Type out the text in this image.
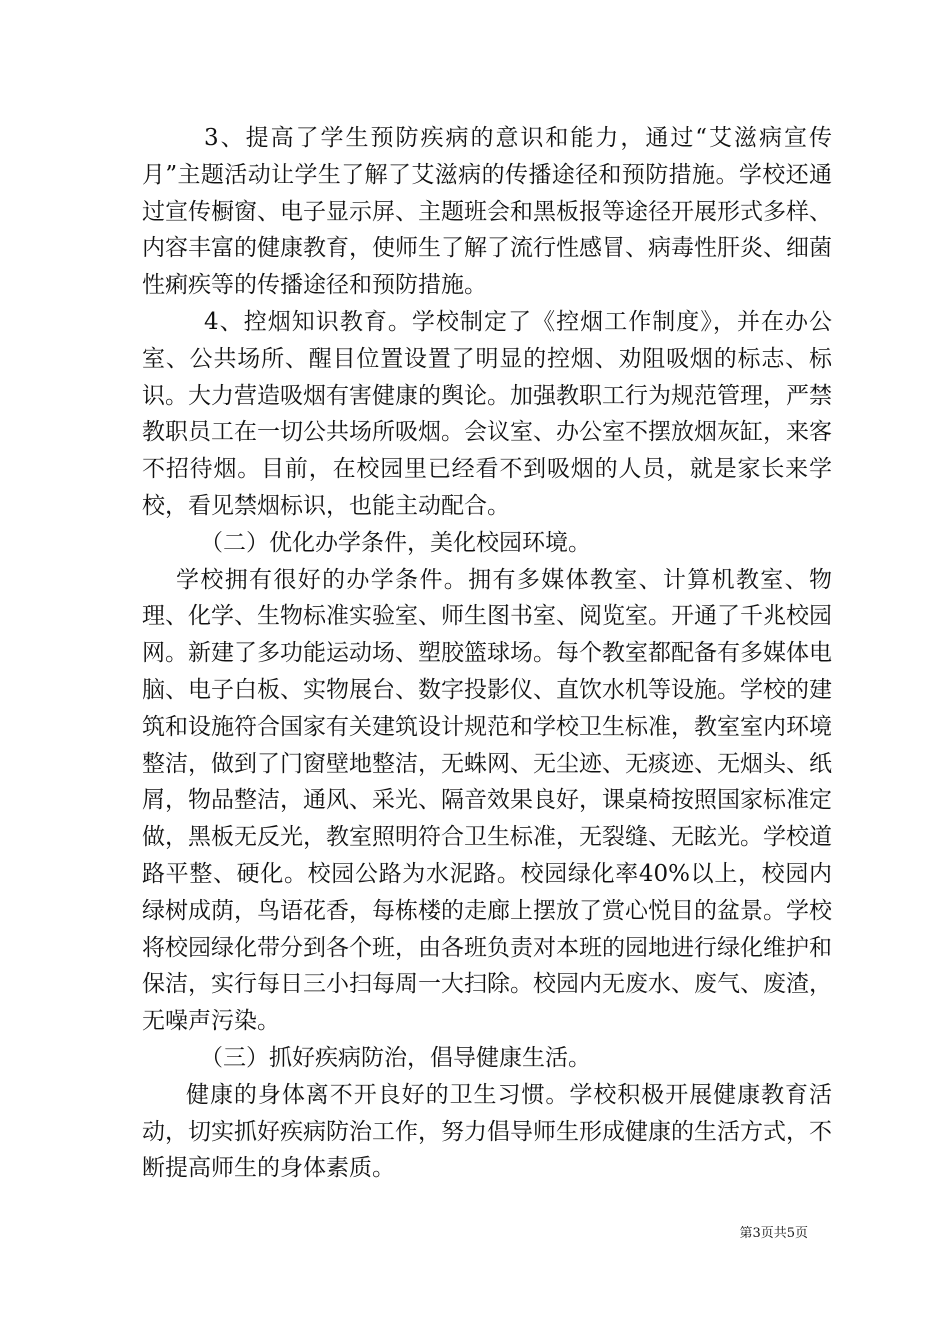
3、提高了学生预防疾病的意识和能力，通过“艾滋病宣传月”主题活动让学生了解了艾滋病的传播途径和预防措施。学校还通过宣传橱窗、电子显示屏、主题班会和黑板报等途径开展形式多样、内容丰富的健康教育，使师生了解了流行性感冒、病毒性肝炎、细菌性痢疾等的传播途径和预防措施。

4、控烟知识教育。学校制定了《控烟工作制度》，并在办公室、公共场所、醒目位置设置了明显的控烟、劝阻吸烟的标志、标识。大力营造吸烟有害健康的舆论。加强教职工行为规范管理，严禁教职员工在一切公共场所吸烟。会议室、办公室不摆放烟灰缸，来客不招待烟。目前，在校园里已经看不到吸烟的人员，就是家长来学校，看见禁烟标识，也能主动配合。

（二）优化办学条件，美化校园环境。

学校拥有很好的办学条件。拥有多媒体教室、计算机教室、物理、化学、生物标准实验室、师生图书室、阅览室。开通了千兆校园网。新建了多功能运动场、塑胶篮球场。每个教室都配备有多媒体电脑、电子白板、实物展台、数字投影仪、直饮水机等设施。学校的建筑和设施符合国家有关建筑设计规范和学校卫生标准，教室室内环境整洁，做到了门窗壁地整洁，无蛛网、无尘迹、无痰迹、无烟头、纸屑，物品整洁，通风、采光、隔音效果良好，课桌椅按照国家标准定做，黑板无反光，教室照明符合卫生标准，无裂缝、无眩光。学校道路平整、硬化。校园公路为水泥路。校园绿化率40%以上，校园内绿树成荫，鸟语花香，每栋楼的走廊上摆放了赏心悦目的盆景。学校将校园绿化带分到各个班，由各班负责对本班的园地进行绿化维护和保洁，实行每日三小扫每周一大扫除。校园内无废水、废气、废渣，无噪声污染。

（三）抓好疾病防治，倡导健康生活。

健康的身体离不开良好的卫生习惯。学校积极开展健康教育活动，切实抓好疾病防治工作，努力倡导师生形成健康的生活方式，不断提高师生的身体素质。

第3页共5页
